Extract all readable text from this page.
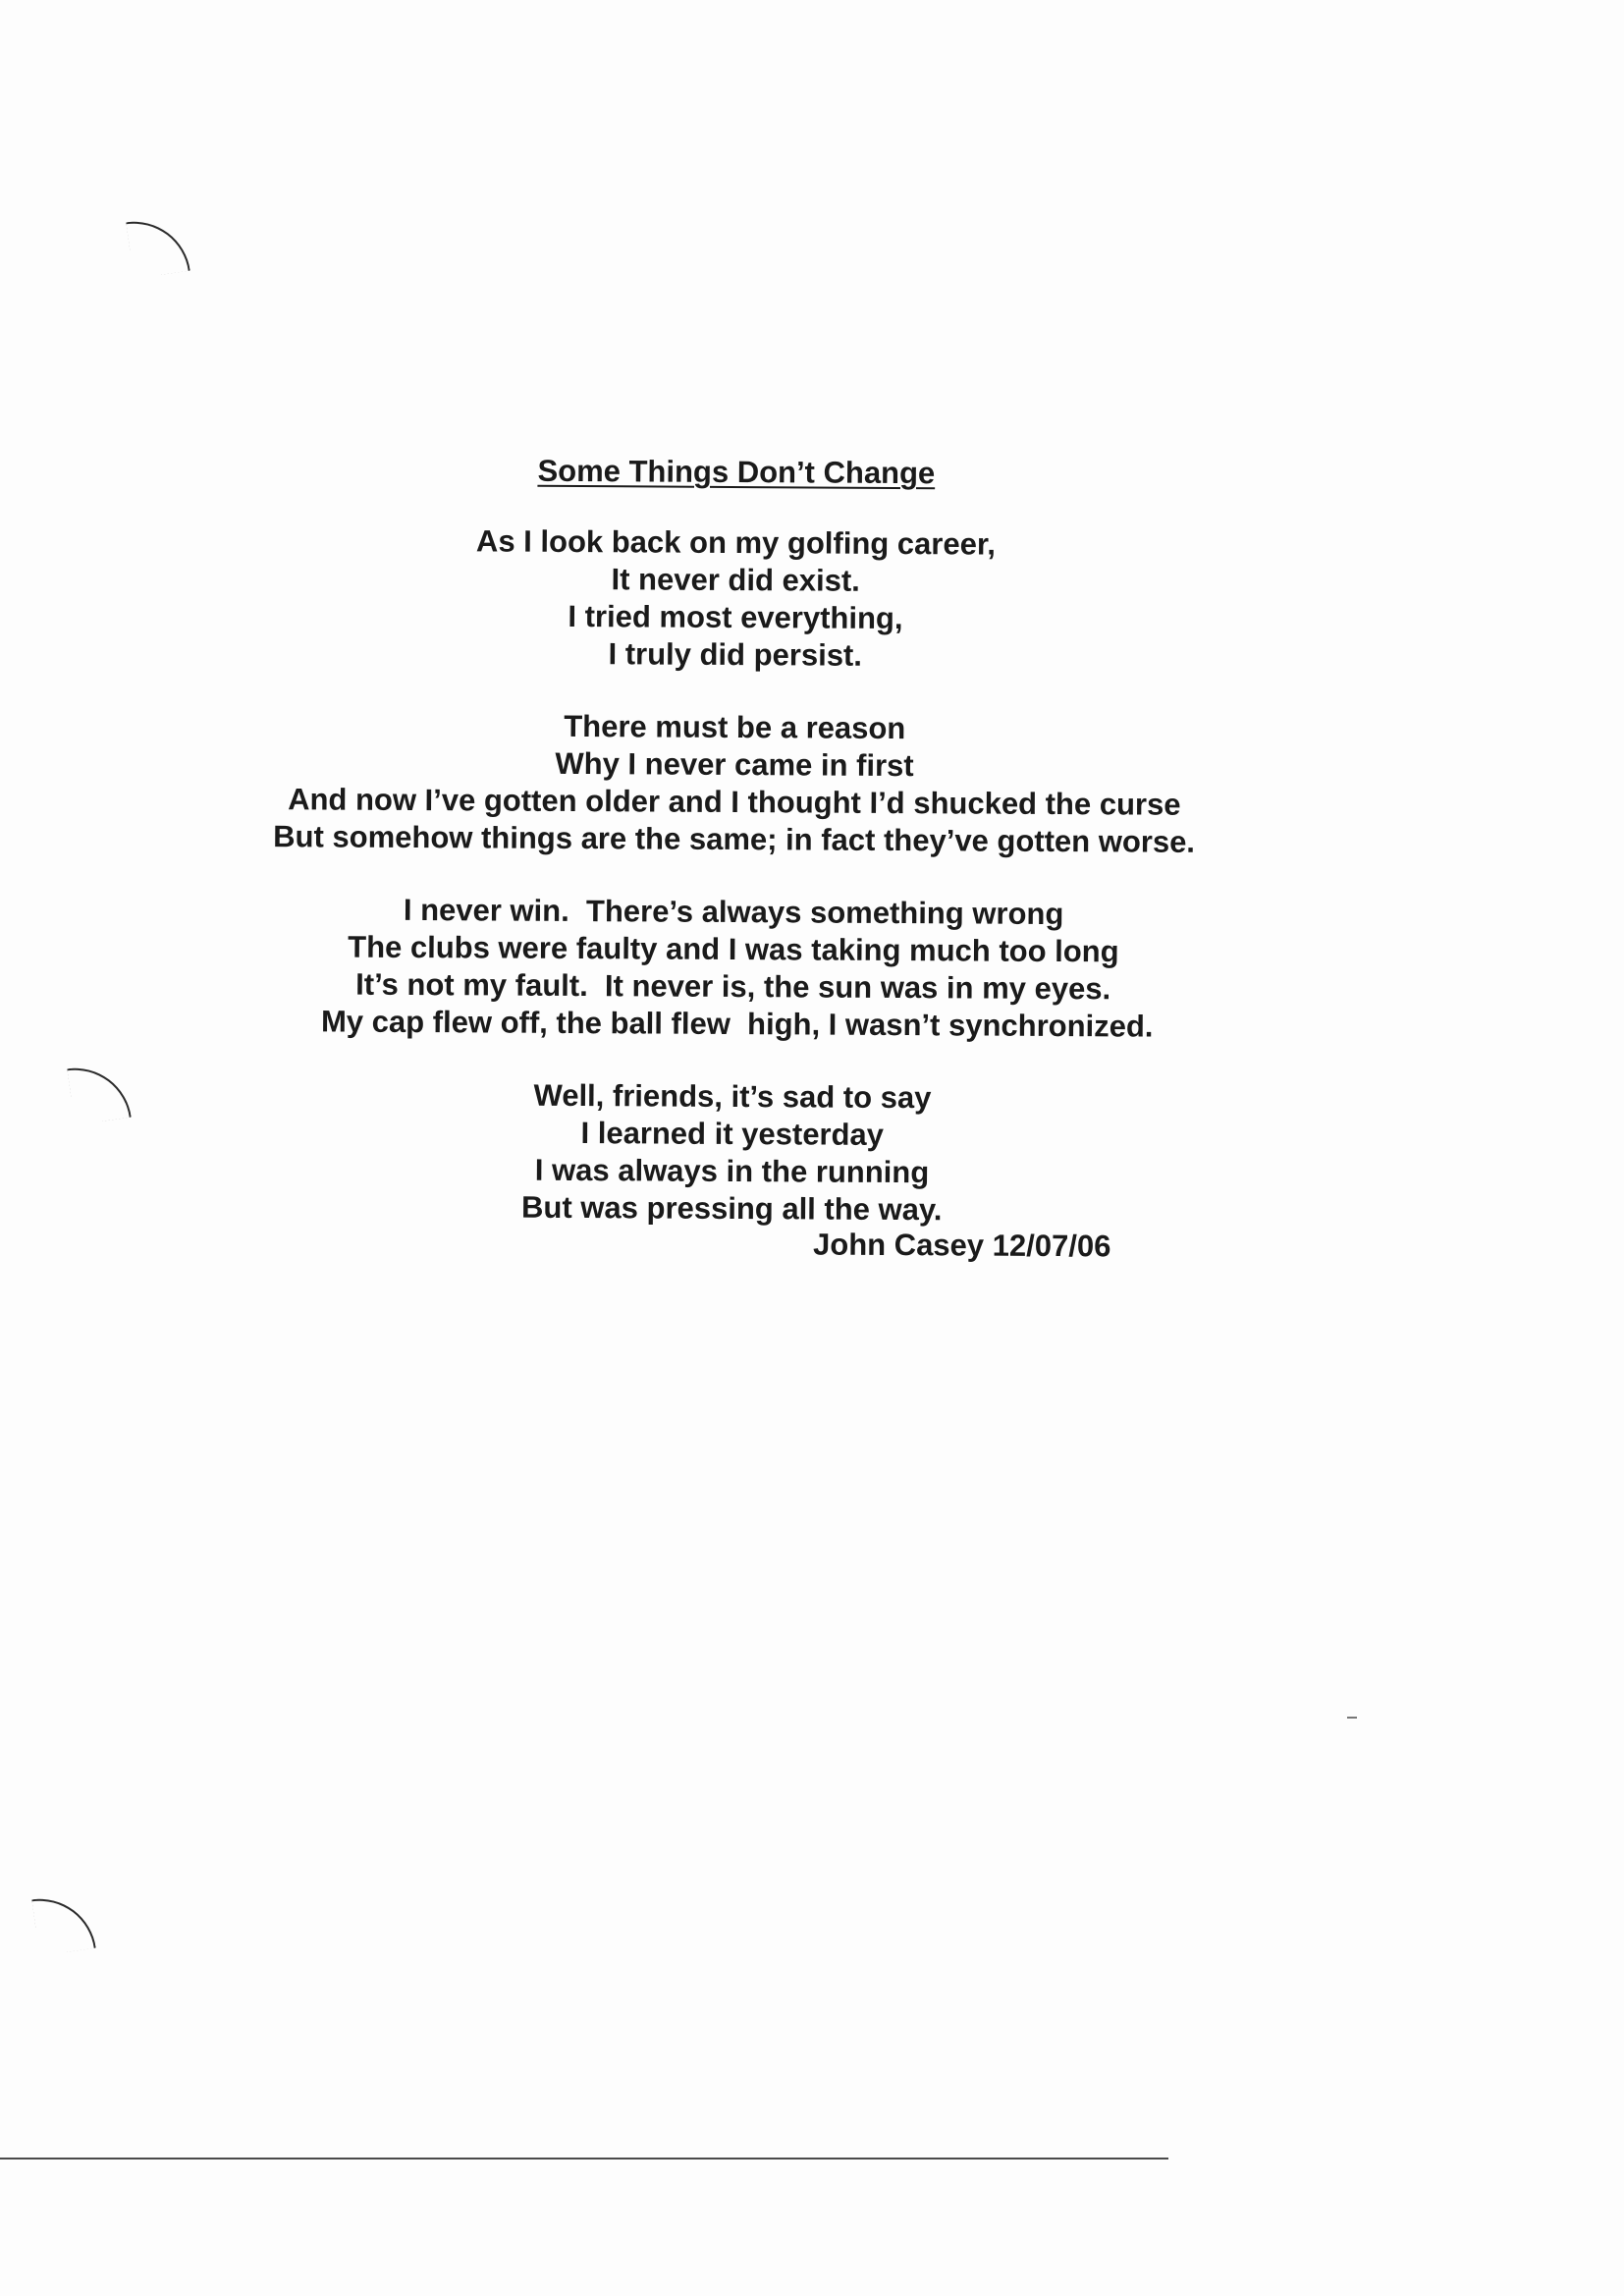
Some Things Don’t Change
As I look back on my golfing career,
It never did exist.
I tried most everything,
I truly did persist.
There must be a reason
Why I never came in first
And now I’ve gotten older and I thought I’d shucked the curse
But somehow things are the same; in fact they’ve gotten worse.
I never win.  There’s always something wrong
The clubs were faulty and I was taking much too long
It’s not my fault.  It never is, the sun was in my eyes.
My cap flew off, the ball flew  high, I wasn’t synchronized.
Well, friends, it’s sad to say
I learned it yesterday
I was always in the running
But was pressing all the way.
John Casey 12/07/06
